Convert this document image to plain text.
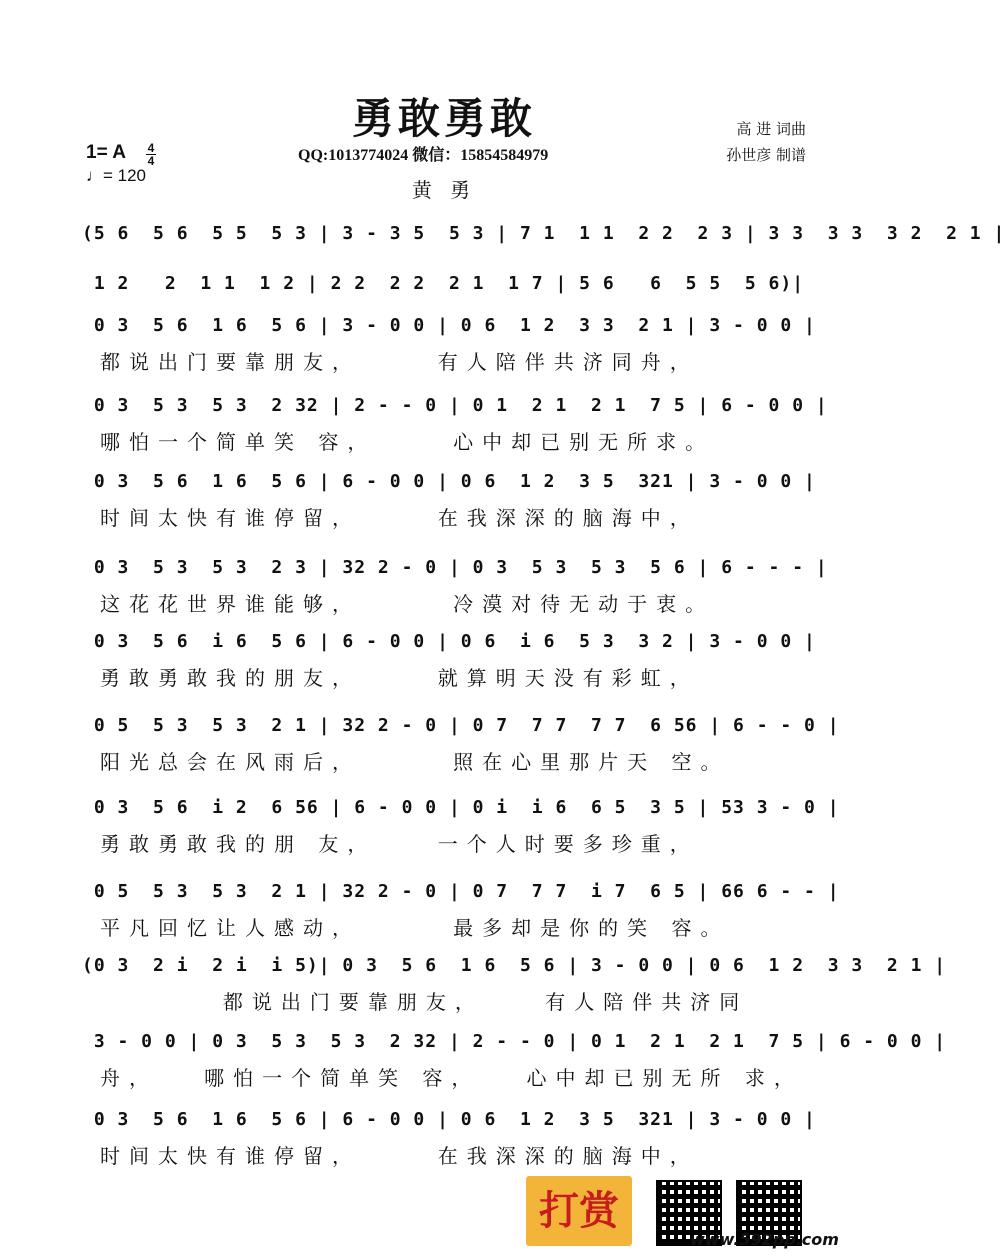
勇敢勇敢
1= A 4
4
♩= 120
QQ:1013774024 微信：15854584979
高 进 词曲
孙世彦 制谱
黄 勇
(5 6  5 6  5 5  5 3 | 3 - 3 5  5 3 | 7 1  1 1  2 2  2 3 | 3 3  3 3  3 2  2 1 |
1 2   2  1 1  1 2 | 2 2  2 2  2 1  1 7 | 5 6   6  5 5  5 6)|
0 3  5 6  1 6  5 6 | 3 - 0 0 | 0 6  1 2  3 3  2 1 | 3 - 0 0 |
都说出门要靠朋友，     有人陪伴共济同舟，
0 3  5 3  5 3  2 32 | 2 - - 0 | 0 1  2 1  2 1  7 5 | 6 - 0 0 |
哪怕一个简单笑 容，     心中却已别无所求。
0 3  5 6  1 6  5 6 | 6 - 0 0 | 0 6  1 2  3 5  321 | 3 - 0 0 |
时间太快有谁停留，     在我深深的脑海中，
0 3  5 3  5 3  2 3 | 32 2 - 0 | 0 3  5 3  5 3  5 6 | 6 - - - |
这花花世界谁能够，      冷漠对待无动于衷。
0 3  5 6  i 6  5 6 | 6 - 0 0 | 0 6  i 6  5 3  3 2 | 3 - 0 0 |
勇敢勇敢我的朋友，     就算明天没有彩虹，
0 5  5 3  5 3  2 1 | 32 2 - 0 | 0 7  7 7  7 7  6 56 | 6 - - 0 |
阳光总会在风雨后，      照在心里那片天 空。
0 3  5 6  i 2  6 56 | 6 - 0 0 | 0 i  i 6  6 5  3 5 | 53 3 - 0 |
勇敢勇敢我的朋 友，    一个人时要多珍重，
0 5  5 3  5 3  2 1 | 32 2 - 0 | 0 7  7 7  i 7  6 5 | 66 6 - - |
平凡回忆让人感动，      最多却是你的笑 容。
(0 3  2 i  2 i  i 5)| 0 3  5 6  1 6  5 6 | 3 - 0 0 | 0 6  1 2  3 3  2 1 |
都说出门要靠朋友，    有人陪伴共济同
3 - 0 0 | 0 3  5 3  5 3  2 32 | 2 - - 0 | 0 1  2 1  2 1  7 5 | 6 - 0 0 |
舟，   哪怕一个简单笑 容，   心中却已别无所 求，
0 3  5 6  1 6  5 6 | 6 - 0 0 | 0 6  1 2  3 5  321 | 3 - 0 0 |
时间太快有谁停留，     在我深深的脑海中，
打赏
www.592pp.com
